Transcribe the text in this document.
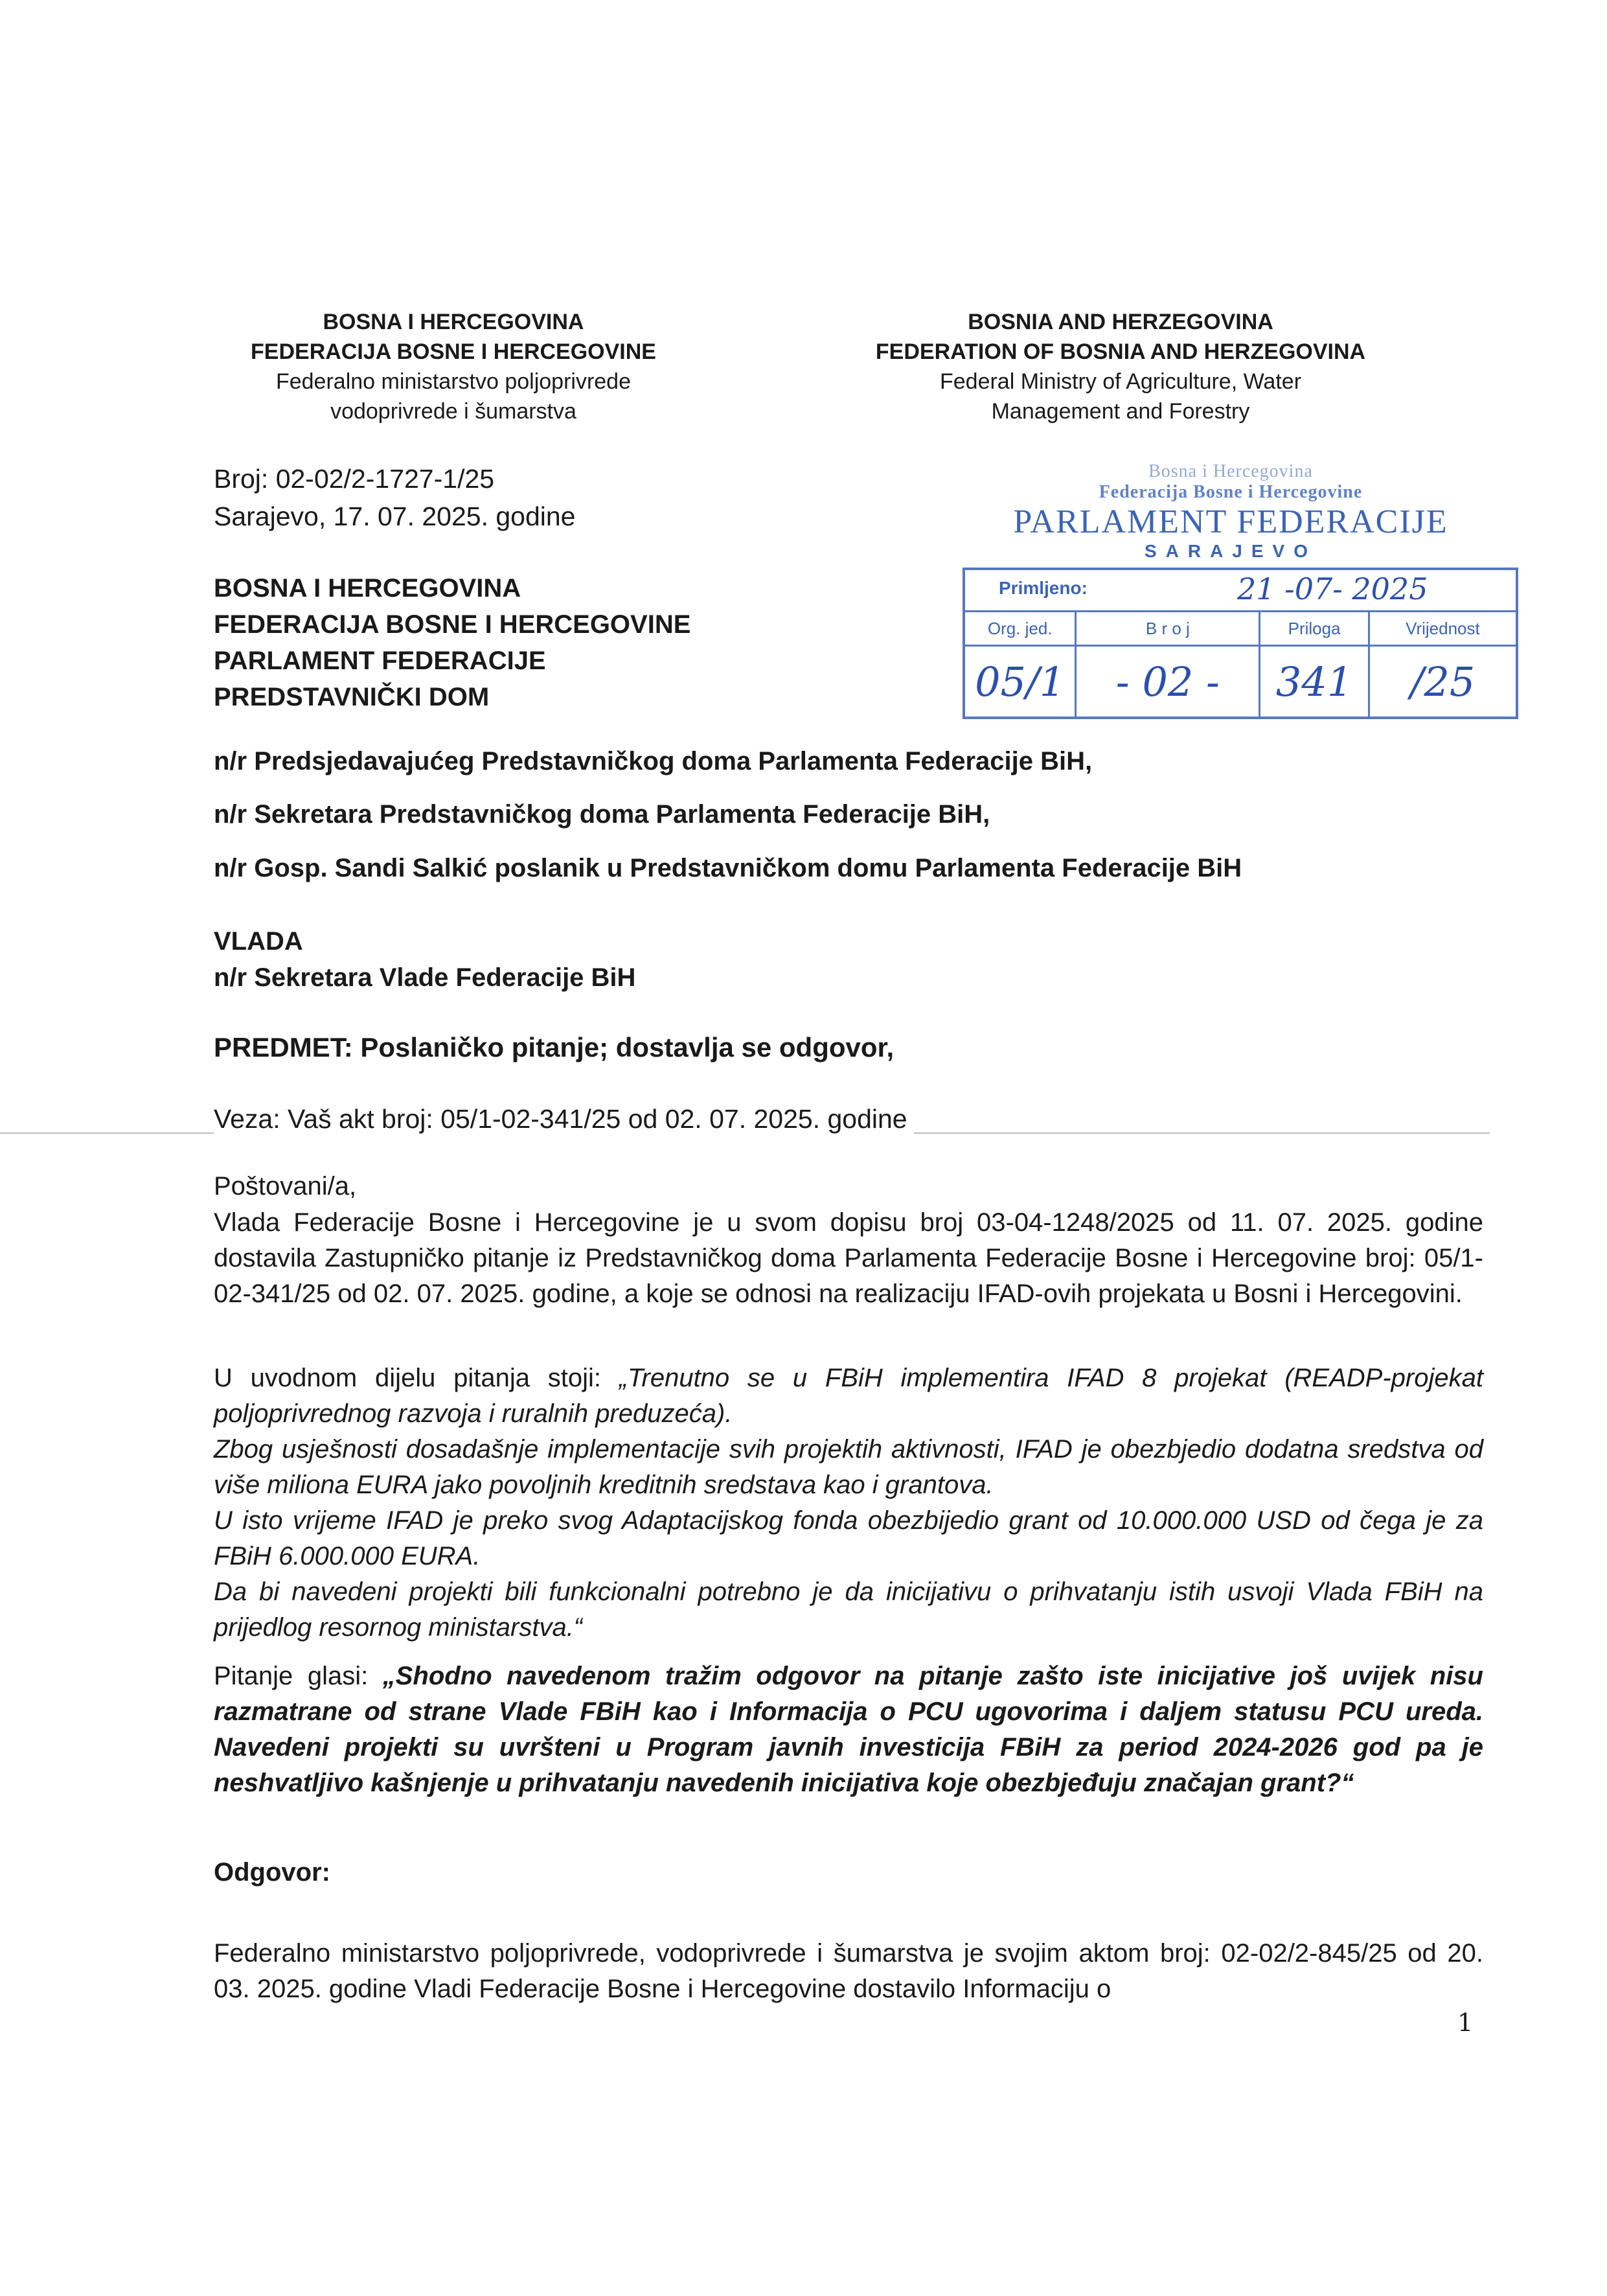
BOSNA I HERCEGOVINA
FEDERACIJA BOSNE I HERCEGOVINE
Federalno ministarstvo poljoprivrede
vodoprivrede i šumarstva
BOSNIA AND HERZEGOVINA
FEDERATION OF BOSNIA AND HERZEGOVINA
Federal Ministry of Agriculture, Water
Management and Forestry
Broj: 02-02/2-1727-1/25
Sarajevo, 17. 07. 2025. godine
BOSNA I HERCEGOVINA
FEDERACIJA BOSNE I HERCEGOVINE
PARLAMENT FEDERACIJE
PREDSTAVNIČKI DOM
Bosna i Hercegovina
Federacija Bosne i Hercegovine
PARLAMENT FEDERACIJE
SARAJEVO
Primljeno:	21 -07- 2025
Org. jed.	B r o j	Priloga	Vrijednost
05/1	- 02 -	341	/25
n/r Predsjedavajućeg Predstavničkog doma Parlamenta Federacije BiH,
n/r Sekretara Predstavničkog doma Parlamenta Federacije BiH,
n/r Gosp. Sandi Salkić poslanik u Predstavničkom domu Parlamenta Federacije BiH
VLADA
n/r Sekretara Vlade Federacije BiH
PREDMET: Poslaničko pitanje; dostavlja se odgovor,
Veza: Vaš akt broj: 05/1-02-341/25 od 02. 07. 2025. godine
Poštovani/a,
Vlada Federacije Bosne i Hercegovine je u svom dopisu broj 03-04-1248/2025 od 11. 07. 2025. godine dostavila Zastupničko pitanje iz Predstavničkog doma Parlamenta Federacije Bosne i Hercegovine broj: 05/1-02-341/25 od 02. 07. 2025. godine, a koje se odnosi na realizaciju IFAD-ovih projekata u Bosni i Hercegovini.
U uvodnom dijelu pitanja stoji: „Trenutno se u FBiH implementira IFAD 8 projekat (READP-projekat poljoprivrednog razvoja i ruralnih preduzeća).
Zbog usješnosti dosadašnje implementacije svih projektih aktivnosti, IFAD je obezbjedio dodatna sredstva od više miliona EURA jako povoljnih kreditnih sredstava kao i grantova.
U isto vrijeme IFAD je preko svog Adaptacijskog fonda obezbijedio grant od 10.000.000 USD od čega je za FBiH 6.000.000 EURA.
Da bi navedeni projekti bili funkcionalni potrebno je da inicijativu o prihvatanju istih usvoji Vlada FBiH na prijedlog resornog ministarstva.“
Pitanje glasi: „Shodno navedenom tražim odgovor na pitanje zašto iste inicijative još uvijek nisu razmatrane od strane Vlade FBiH kao i Informacija o PCU ugovorima i daljem statusu PCU ureda. Navedeni projekti su uvršteni u Program javnih investicija FBiH za period 2024-2026 god pa je neshvatljivo kašnjenje u prihvatanju navedenih inicijativa koje obezbjeđuju značajan grant?“
Odgovor:
Federalno ministarstvo poljoprivrede, vodoprivrede i šumarstva je svojim aktom broj: 02-02/2-845/25 od 20. 03. 2025. godine Vladi Federacije Bosne i Hercegovine dostavilo Informaciju o
1
